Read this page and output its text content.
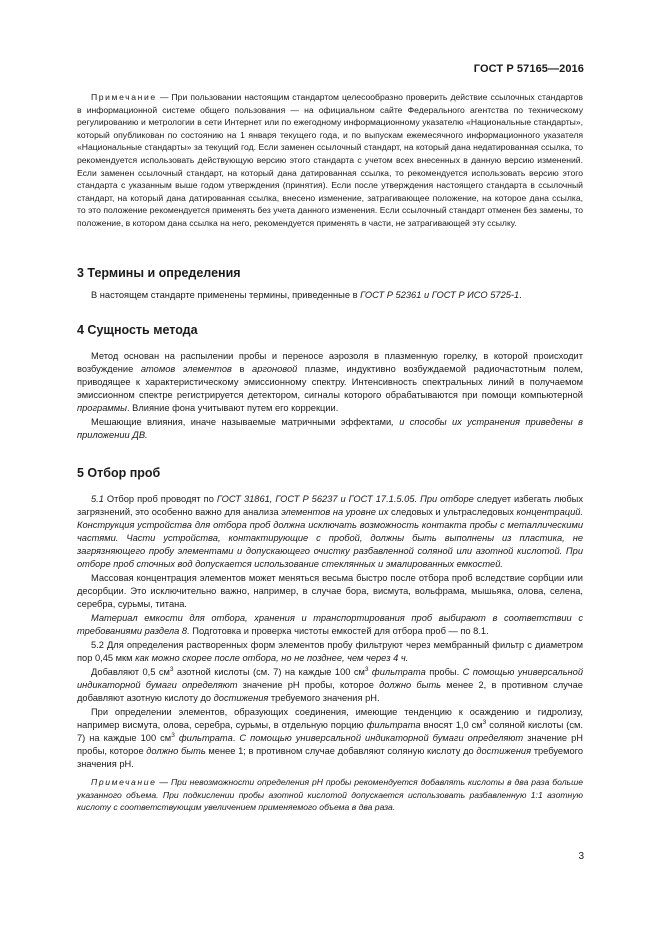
ГОСТ Р 57165—2016

Примечание — При пользовании настоящим стандартом целесообразно проверить действие ссылочных стандартов в информационной системе общего пользования — на официальном сайте Федерального агентства по техническому регулированию и метрологии в сети Интернет или по ежегодному информационному указателю «Национальные стандарты», который опубликован по состоянию на 1 января текущего года, и по выпускам ежемесячного информационного указателя «Национальные стандарты» за текущий год. Если заменен ссылочный стандарт, на который дана недатированная ссылка, то рекомендуется использовать действующую версию этого стандарта с учетом всех внесенных в данную версию изменений. Если заменен ссылочный стандарт, на который дана датированная ссылка, то рекомендуется использовать версию этого стандарта с указанным выше годом утверждения (принятия). Если после утверждения настоящего стандарта в ссылочный стандарт, на который дана датированная ссылка, внесено изменение, затрагивающее положение, на которое дана ссылка, то это положение рекомендуется применять без учета данного изменения. Если ссылочный стандарт отменен без замены, то положение, в котором дана ссылка на него, рекомендуется применять в части, не затрагивающей эту ссылку.

3 Термины и определения

В настоящем стандарте применены термины, приведенные в ГОСТ Р 52361 и ГОСТ Р ИСО 5725-1.

4 Сущность метода

Метод основан на распылении пробы и переносе аэрозоля в плазменную горелку, в которой происходит возбуждение атомов элементов в аргоновой плазме, индуктивно возбуждаемой радиочастотным полем, приводящее к характеристическому эмиссионному спектру. Интенсивность спектральных линий в получаемом эмиссионном спектре регистрируется детектором, сигналы которого обрабатываются при помощи компьютерной программы. Влияние фона учитывают путем его коррекции.

Мешающие влияния, иначе называемые матричными эффектами, и способы их устранения приведены в приложении ДВ.

5 Отбор проб

5.1 Отбор проб проводят по ГОСТ 31861, ГОСТ Р 56237 и ГОСТ 17.1.5.05. При отборе следует избегать любых загрязнений, это особенно важно для анализа элементов на уровне их следовых и ультраследовых концентраций. Конструкция устройства для отбора проб должна исключать возможность контакта пробы с металлическими частями. Части устройства, контактирующие с пробой, должны быть выполнены из пластика, не загрязняющего пробу элементами и допускающего очистку разбавленной соляной или азотной кислотой. При отборе проб сточных вод допускается использование стеклянных и эмалированных емкостей.

Массовая концентрация элементов может меняться весьма быстро после отбора проб вследствие сорбции или десорбции. Это исключительно важно, например, в случае бора, висмута, вольфрама, мышьяка, олова, селена, серебра, сурьмы, титана.

Материал емкости для отбора, хранения и транспортирования проб выбирают в соответствии с требованиями раздела 8. Подготовка и проверка чистоты емкостей для отбора проб — по 8.1.

5.2 Для определения растворенных форм элементов пробу фильтруют через мембранный фильтр с диаметром пор 0,45 мкм как можно скорее после отбора, но не позднее, чем через 4 ч.

Добавляют 0,5 $см^3$ азотной кислоты (см. 7) на каждые 100 $см^3$ фильтрата пробы. С помощью универсальной индикаторной бумаги определяют значение pH пробы, которое должно быть менее 2, в противном случае добавляют азотную кислоту до достижения требуемого значения pH.

При определении элементов, образующих соединения, имеющие тенденцию к осаждению и гидролизу, например висмута, олова, серебра, сурьмы, в отдельную порцию фильтрата вносят 1,0 $см^3$ соляной кислоты (см. 7) на каждые 100 $см^3$ фильтрата. С помощью универсальной индикаторной бумаги определяют значение pH пробы, которое должно быть менее 1; в противном случае добавляют соляную кислоту до достижения требуемого значения pH.

Примечание — При невозможности определения pH пробы рекомендуется добавлять кислоты в два раза больше указанного объема. При подкислении пробы азотной кислотой допускается использовать разбавленную 1:1 азотную кислоту с соответствующим увеличением применяемого объема в два раза.

3
